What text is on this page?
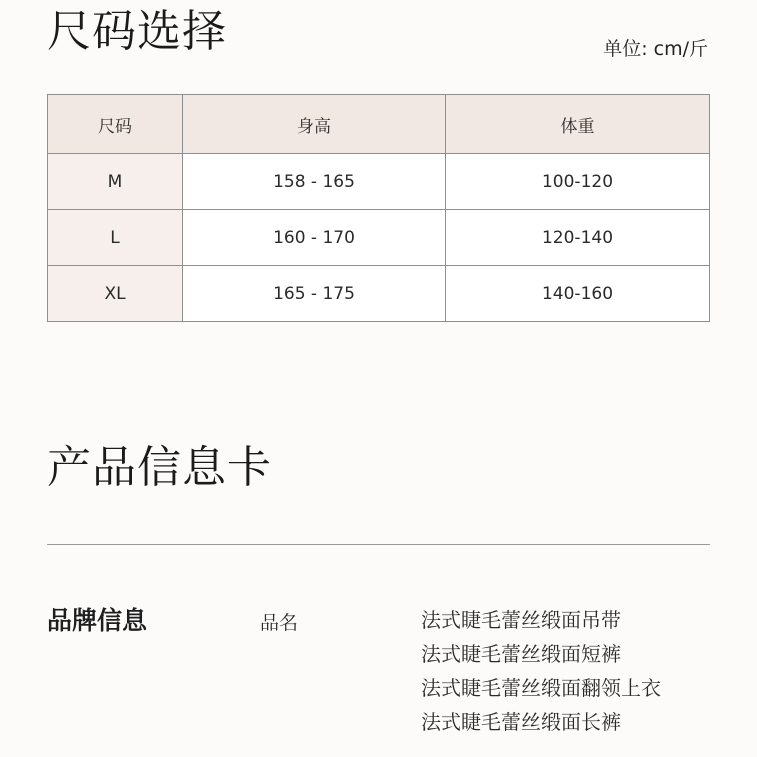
尺码选择	单位: cm/斤
尺码	身高	体重
M	158 - 165	100-120
L	160 - 170	120-140
XL	165 - 175	140-160
产品信息卡
品牌信息	品名	法式睫毛蕾丝缎面吊带
法式睫毛蕾丝缎面短裤
法式睫毛蕾丝缎面翻领上衣
法式睫毛蕾丝缎面长裤
